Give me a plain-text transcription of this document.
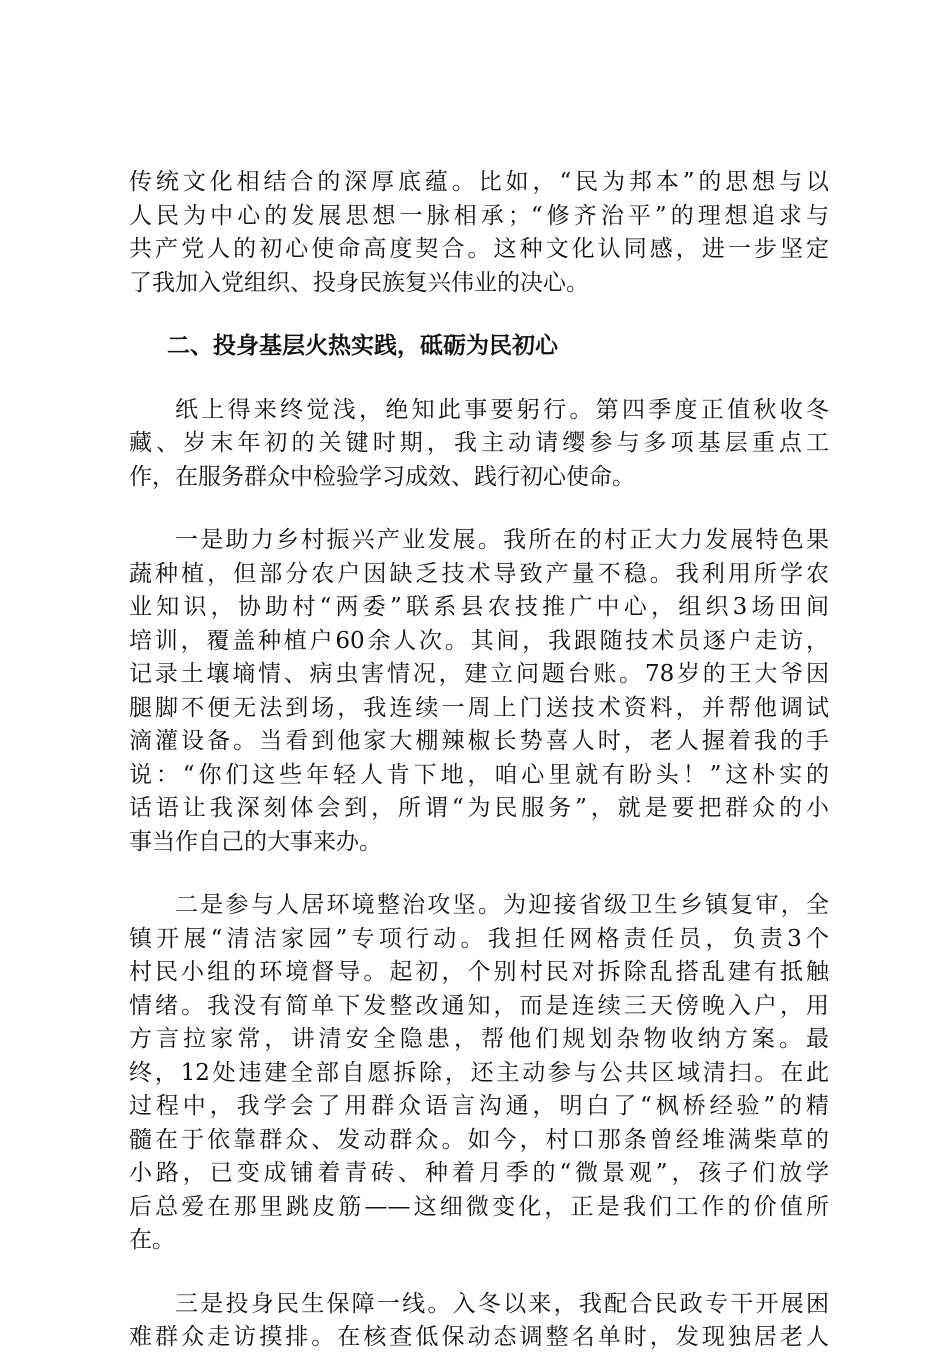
传统文化相结合的深厚底蕴。比如，“民为邦本”的思想与以
人民为中心的发展思想一脉相承；“修齐治平”的理想追求与
共产党人的初心使命高度契合。这种文化认同感，进一步坚定
了我加入党组织、投身民族复兴伟业的决心。
二、投身基层火热实践，砥砺为民初心
纸上得来终觉浅，绝知此事要躬行。第四季度正值秋收冬
藏、岁末年初的关键时期，我主动请缨参与多项基层重点工
作，在服务群众中检验学习成效、践行初心使命。
一是助力乡村振兴产业发展。我所在的村正大力发展特色果
蔬种植，但部分农户因缺乏技术导致产量不稳。我利用所学农
业知识，协助村“两委”联系县农技推广中心，组织3场田间
培训，覆盖种植户60余人次。其间，我跟随技术员逐户走访，
记录土壤墒情、病虫害情况，建立问题台账。78岁的王大爷因
腿脚不便无法到场，我连续一周上门送技术资料，并帮他调试
滴灌设备。当看到他家大棚辣椒长势喜人时，老人握着我的手
说：“你们这些年轻人肯下地，咱心里就有盼头！”这朴实的
话语让我深刻体会到，所谓“为民服务”，就是要把群众的小
事当作自己的大事来办。
二是参与人居环境整治攻坚。为迎接省级卫生乡镇复审，全
镇开展“清洁家园”专项行动。我担任网格责任员，负责3个
村民小组的环境督导。起初，个别村民对拆除乱搭乱建有抵触
情绪。我没有简单下发整改通知，而是连续三天傍晚入户，用
方言拉家常，讲清安全隐患，帮他们规划杂物收纳方案。最
终，12处违建全部自愿拆除，还主动参与公共区域清扫。在此
过程中，我学会了用群众语言沟通，明白了“枫桥经验”的精
髓在于依靠群众、发动群众。如今，村口那条曾经堆满柴草的
小路，已变成铺着青砖、种着月季的“微景观”，孩子们放学
后总爱在那里跳皮筋——这细微变化，正是我们工作的价值所
在。
三是投身民生保障一线。入冬以来，我配合民政专干开展困
难群众走访摸排。在核查低保动态调整名单时，发现独居老人
